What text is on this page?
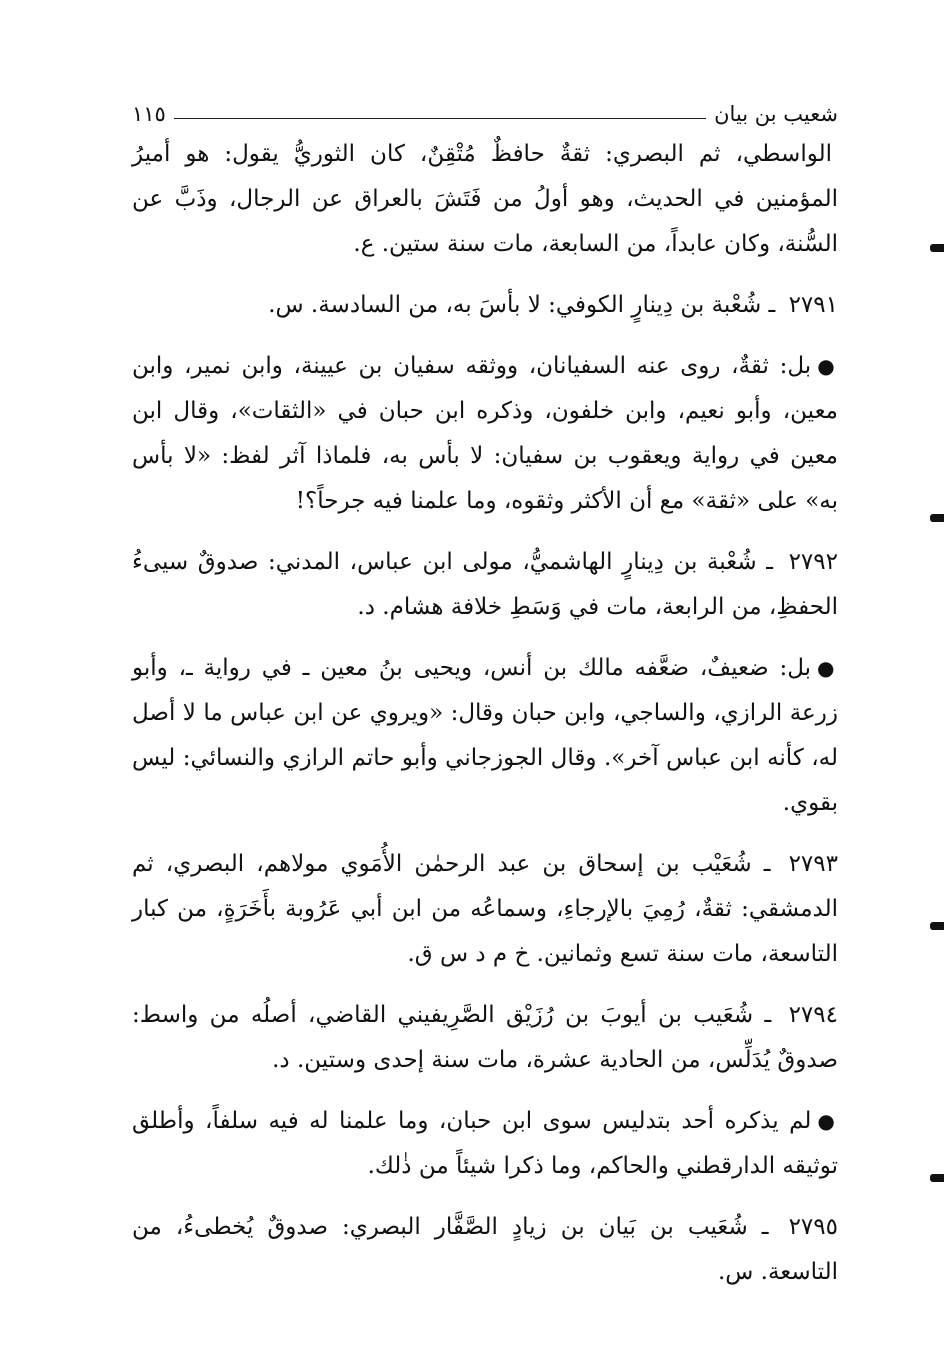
شعيب بن بيان
١١٥

الواسطي، ثم البصري: ثقةٌ حافظٌ مُتْقِنٌ، كان الثوريُّ يقول: هو أميرُ المؤمنين في الحديث، وهو أولُ من فَتَشَ بالعراق عن الرجال، وذَبَّ عن السُّنة، وكان عابداً، من السابعة، مات سنة ستين. ع.

٢٧٩١ ـ شُعْبة بن دِينارٍ الكوفي: لا بأسَ به، من السادسة. س.

●بل: ثقةٌ، روى عنه السفيانان، ووثقه سفيان بن عيينة، وابن نمير، وابن معين، وأبو نعيم، وابن خلفون، وذكره ابن حبان في «الثقات»، وقال ابن معين في رواية ويعقوب بن سفيان: لا بأس به، فلماذا آثر لفظ: «لا بأس به» على «ثقة» مع أن الأكثر وثقوه، وما علمنا فيه جرحاً؟!

٢٧٩٢ ـ شُعْبة بن دِينارٍ الهاشميُّ، مولى ابن عباس، المدني: صدوقٌ سيىءُ الحفظِ، من الرابعة، مات في وَسَطِ خلافة هشام. د.

●بل: ضعيفٌ، ضعَّفه مالك بن أنس، ويحيى بنُ معين ـ في رواية ـ، وأبو زرعة الرازي، والساجي، وابن حبان وقال: «ويروي عن ابن عباس ما لا أصل له، كأنه ابن عباس آخر». وقال الجوزجاني وأبو حاتم الرازي والنسائي: ليس بقوي.

٢٧٩٣ ـ شُعَيْب بن إسحاق بن عبد الرحمٰن الأُمَوي مولاهم، البصري، ثم الدمشقي: ثقةٌ، رُمِيَ بالإرجاءِ، وسماعُه من ابن أبي عَرُوبة بأَخَرَةٍ، من كبار التاسعة، مات سنة تسع وثمانين. خ م د س ق.

٢٧٩٤ ـ شُعَيب بن أيوبَ بن رُزَيْق الصَّرِيفيني القاضي، أصلُه من واسط: صدوقٌ يُدَلِّس، من الحادية عشرة، مات سنة إحدى وستين. د.

●لم يذكره أحد بتدليس سوى ابن حبان، وما علمنا له فيه سلفاً، وأطلق توثيقه الدارقطني والحاكم، وما ذكرا شيئاً من ذٰلك.

٢٧٩٥ ـ شُعَيب بن بَيان بن زيادٍ الصَّفَّار البصري: صدوقٌ يُخطىءُ، من التاسعة. س.
